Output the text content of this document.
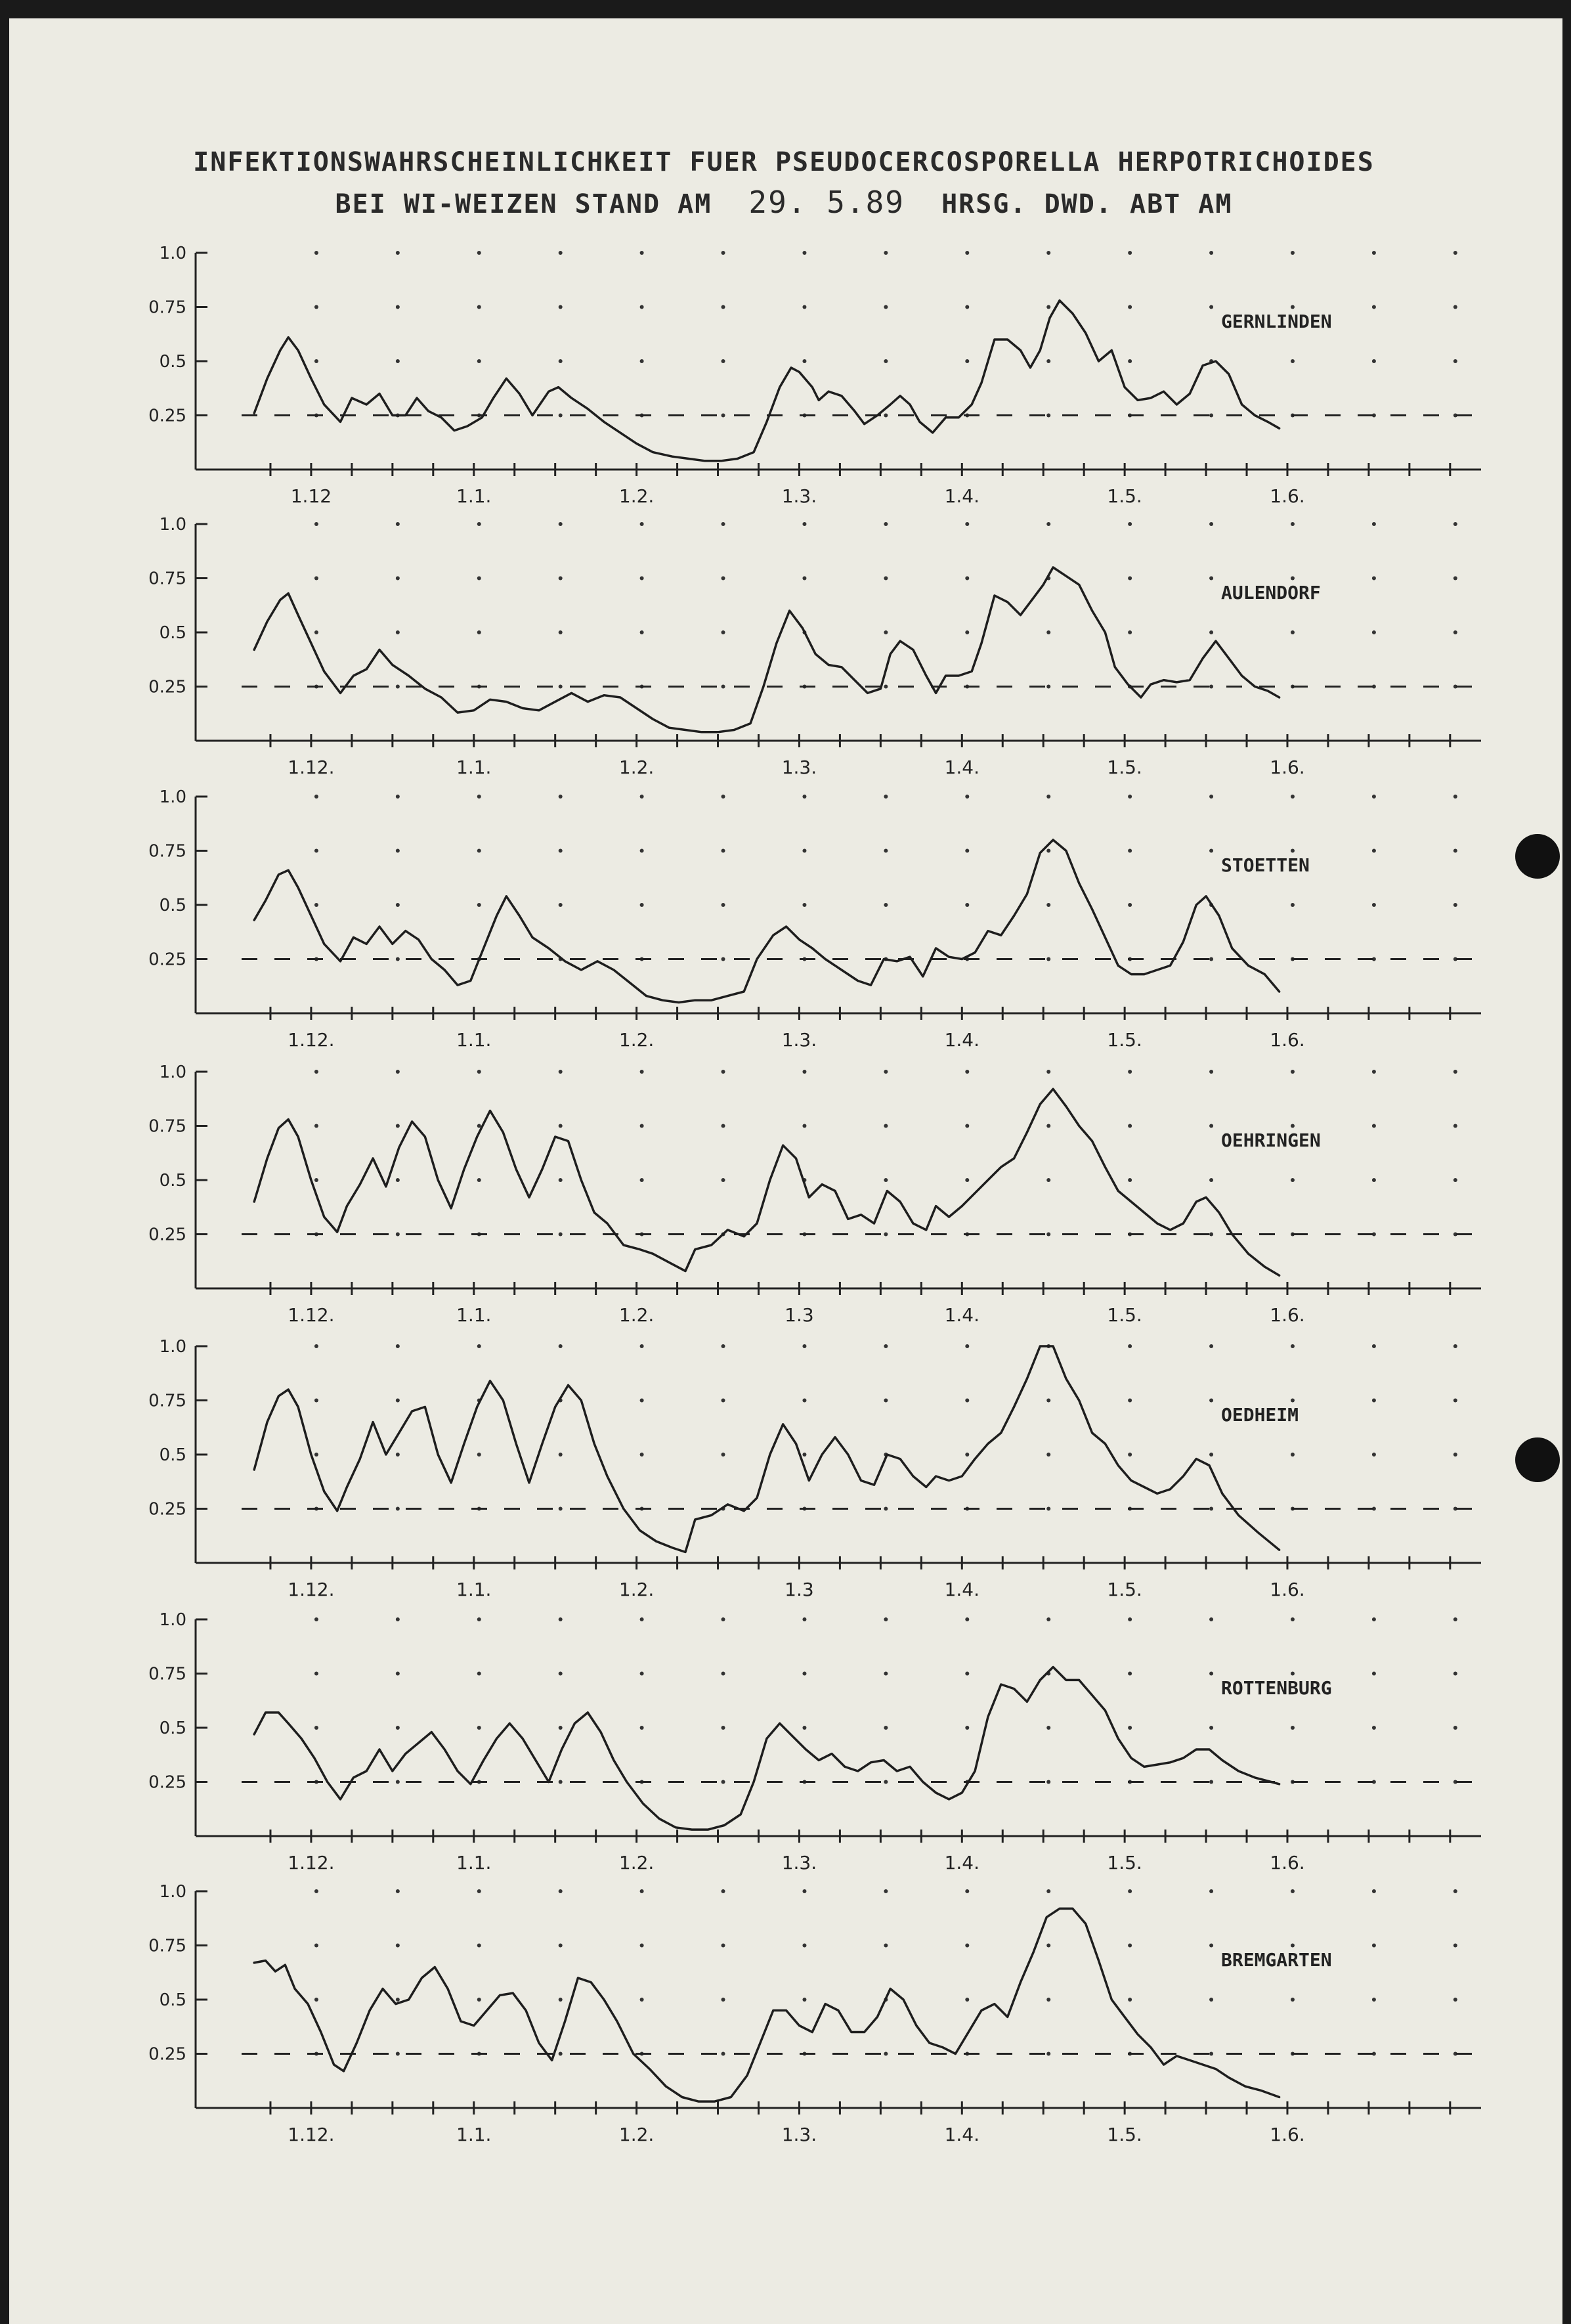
INFEKTIONSWAHRSCHEINLICHKEIT FUER PSEUDOCERCOSPORELLA HERPOTRICHOIDES
BEI WI-WEIZEN STAND AM 29. 5.89 HRSG. DWD. ABT AM
1.0
0.75
0.5
0.25
1.12	1.1.	1.2.	1.3.	1.4.	1.5.	1.6.
GERNLINDEN
1.0
0.75
0.5
0.25
1.12.	1.1.	1.2.	1.3.	1.4.	1.5.	1.6.
AULENDORF
1.0
0.75
0.5
0.25
1.12.	1.1.	1.2.	1.3.	1.4.	1.5.	1.6.
STOETTEN
1.0
0.75
0.5
0.25
1.12.	1.1.	1.2.	1.3	1.4.	1.5.	1.6.
OEHRINGEN
1.0
0.75
0.5
0.25
1.12.	1.1.	1.2.	1.3	1.4.	1.5.	1.6.
OEDHEIM
1.0
0.75
0.5
0.25
1.12.	1.1.	1.2.	1.3.	1.4.	1.5.	1.6.
ROTTENBURG
1.0
0.75
0.5
0.25
1.12.	1.1.	1.2.	1.3.	1.4.	1.5.	1.6.
BREMGARTEN
